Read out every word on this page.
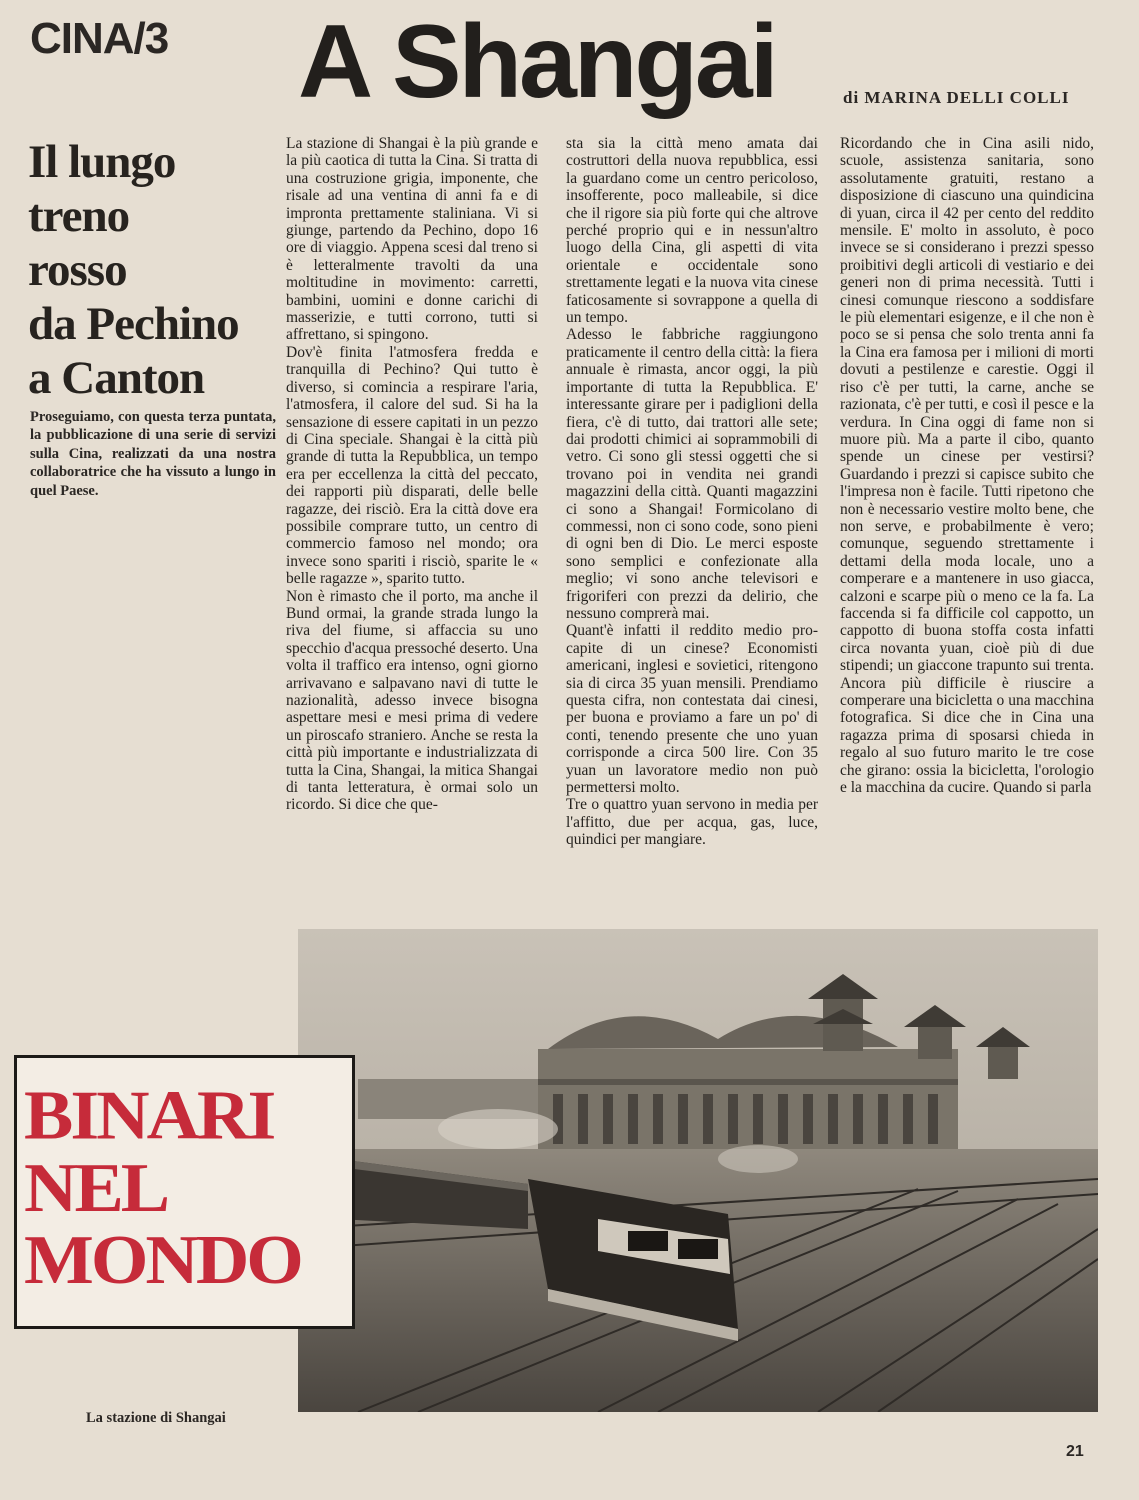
CINA/3 A Shangai	di MARINA DELLI COLLI
Il lungo
treno
rosso
da Pechino
a Canton
Proseguiamo, con questa terza puntata, la pubblicazione di una serie di servizi sulla Cina, realizzati da una nostra collaboratrice che ha vissuto a lungo in quel Paese.

La stazione di Shangai è la più grande e la più caotica di tutta la Cina. Si tratta di una costruzione grigia, imponente, che risale ad una ventina di anni fa e di impronta prettamente staliniana. Vi si giunge, partendo da Pechino, dopo 16 ore di viaggio. Appena scesi dal treno si è letteralmente travolti da una moltitudine in movimento: carretti, bambini, uomini e donne carichi di masserizie, e tutti corrono, tutti si affrettano, si spingono.

Dov'è finita l'atmosfera fredda e tranquilla di Pechino? Qui tutto è diverso, si comincia a respirare l'aria, l'atmosfera, il calore del sud. Si ha la sensazione di essere capitati in un pezzo di Cina speciale. Shangai è la città più grande di tutta la Repubblica, un tempo era per eccellenza la città del peccato, dei rapporti più disparati, delle belle ragazze, dei risciò. Era la città dove era possibile comprare tutto, un centro di commercio famoso nel mondo; ora invece sono spariti i risciò, sparite le « belle ragazze », sparito tutto.

Non è rimasto che il porto, ma anche il Bund ormai, la grande strada lungo la riva del fiume, si affaccia su uno specchio d'acqua pressoché deserto. Una volta il traffico era intenso, ogni giorno arrivavano e salpavano navi di tutte le nazionalità, adesso invece bisogna aspettare mesi e mesi prima di vedere un piroscafo straniero. Anche se resta la città più importante e industrializzata di tutta la Cina, Shangai, la mitica Shangai di tanta letteratura, è ormai solo un ricordo. Si dice che que-

sta sia la città meno amata dai costruttori della nuova repubblica, essi la guardano come un centro pericoloso, insofferente, poco malleabile, si dice che il rigore sia più forte qui che altrove perché proprio qui e in nessun'altro luogo della Cina, gli aspetti di vita orientale e occidentale sono strettamente legati e la nuova vita cinese faticosamente si sovrappone a quella di un tempo.

Adesso le fabbriche raggiungono praticamente il centro della città: la fiera annuale è rimasta, ancor oggi, la più importante di tutta la Repubblica. E' interessante girare per i padiglioni della fiera, c'è di tutto, dai trattori alle sete; dai prodotti chimici ai soprammobili di vetro. Ci sono gli stessi oggetti che si trovano poi in vendita nei grandi magazzini della città. Quanti magazzini ci sono a Shangai! Formicolano di commessi, non ci sono code, sono pieni di ogni ben di Dio. Le merci esposte sono semplici e confezionate alla meglio; vi sono anche televisori e frigoriferi con prezzi da delirio, che nessuno comprerà mai.

Quant'è infatti il reddito medio pro-capite di un cinese? Economisti americani, inglesi e sovietici, ritengono sia di circa 35 yuan mensili. Prendiamo questa cifra, non contestata dai cinesi, per buona e proviamo a fare un po' di conti, tenendo presente che uno yuan corrisponde a circa 500 lire. Con 35 yuan un lavoratore medio non può permettersi molto.

Tre o quattro yuan servono in media per l'affitto, due per acqua, gas, luce, quindici per mangiare.

Ricordando che in Cina asili nido, scuole, assistenza sanitaria, sono assolutamente gratuiti, restano a disposizione di ciascuno una quindicina di yuan, circa il 42 per cento del reddito mensile. E' molto in assoluto, è poco invece se si considerano i prezzi spesso proibitivi degli articoli di vestiario e dei generi non di prima necessità. Tutti i cinesi comunque riescono a soddisfare le più elementari esigenze, e il che non è poco se si pensa che solo trenta anni fa la Cina era famosa per i milioni di morti dovuti a pestilenze e carestie. Oggi il riso c'è per tutti, la carne, anche se razionata, c'è per tutti, e così il pesce e la verdura. In Cina oggi di fame non si muore più. Ma a parte il cibo, quanto spende un cinese per vestirsi? Guardando i prezzi si capisce subito che l'impresa non è facile. Tutti ripetono che non è necessario vestire molto bene, che non serve, e probabilmente è vero; comunque, seguendo strettamente i dettami della moda locale, uno a comperare e a mantenere in uso giacca, calzoni e scarpe più o meno ce la fa. La faccenda si fa difficile col cappotto, un cappotto di buona stoffa costa infatti circa novanta yuan, cioè più di due stipendi; un giaccone trapunto sui trenta. Ancora più difficile è riuscire a comperare una bicicletta o una macchina fotografica. Si dice che in Cina una ragazza prima di sposarsi chieda in regalo al suo futuro marito le tre cose che girano: ossia la bicicletta, l'orologio e la macchina da cucire. Quando si parla

BINARI
NEL
MONDO
La stazione di Shangai
21
